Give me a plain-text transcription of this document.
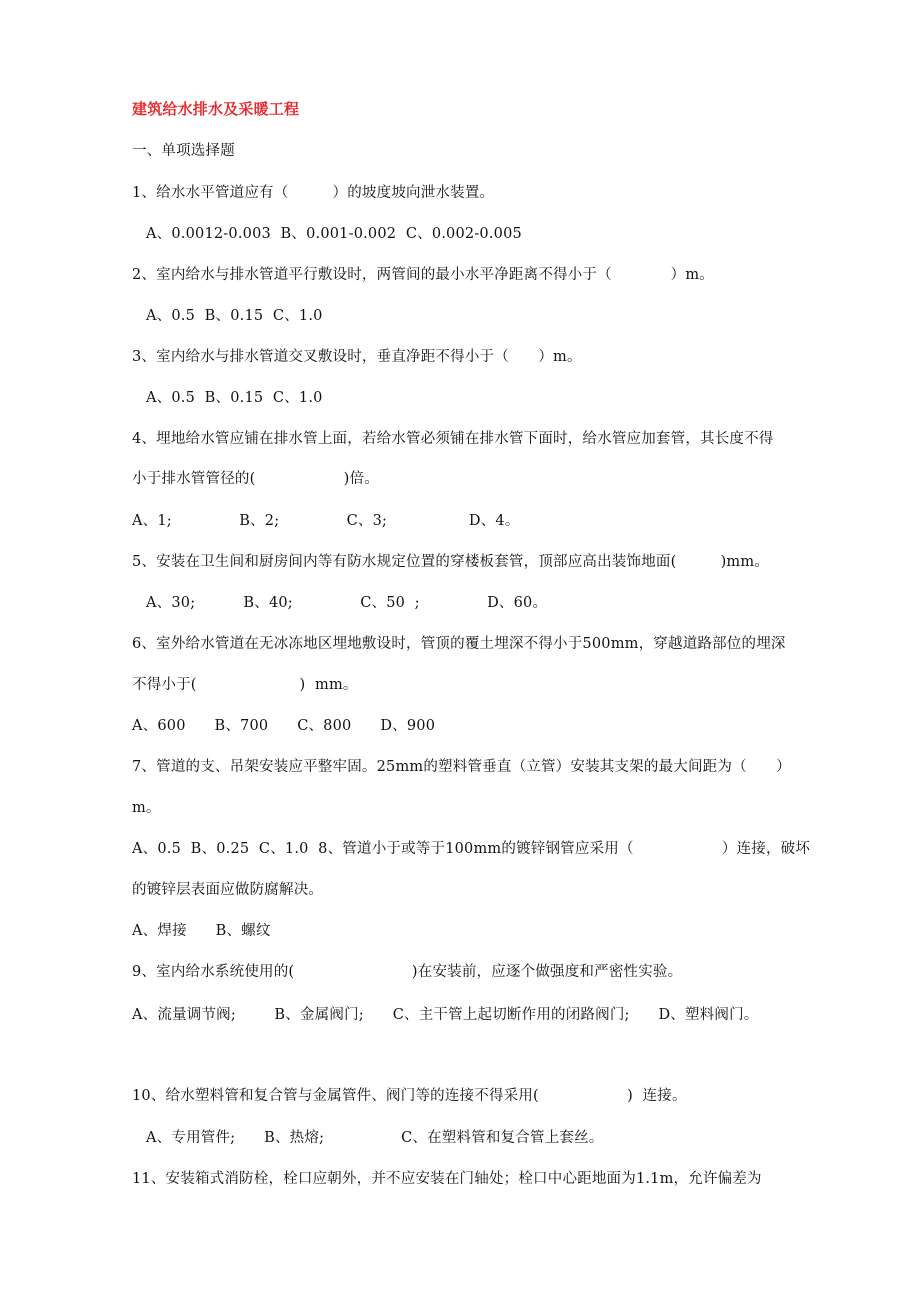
建筑给水排水及采暖工程
一、单项选择题
1、给水水平管道应有（　　　）的坡度坡向泄水装置。
A、0.0012-0.003  B、0.001-0.002  C、0.002-0.005
2、室内给水与排水管道平行敷设时，两管间的最小水平净距离不得小于（　　　　）m。
A、0.5  B、0.15  C、1.0
3、室内给水与排水管道交叉敷设时，垂直净距不得小于（　　）m。
A、0.5  B、0.15  C、1.0
4、埋地给水管应铺在排水管上面，若给水管必须铺在排水管下面时，给水管应加套管，其长度不得
小于排水管管径的(　　　　　　)倍。
A、1;              B、2;              C、3;                 D、4。
5、安装在卫生间和厨房间内等有防水规定位置的穿楼板套管，顶部应高出装饰地面(　　　)mm。
A、30;          B、40;              C、50  ;              D、60。
6、室外给水管道在无冰冻地区埋地敷设时，管顶的覆土埋深不得小于500mm，穿越道路部位的埋深
不得小于(　　　　　　　)  mm。
A、600      B、700      C、800      D、900
7、管道的支、吊架安装应平整牢固。25mm的塑料管垂直（立管）安装其支架的最大间距为（　　）
m。
A、0.5  B、0.25  C、1.0  8、管道小于或等于100mm的镀锌钢管应采用（　　　　　　）连接，破坏
的镀锌层表面应做防腐解决。
A、焊接      B、螺纹
9、室内给水系统使用的(　　　　　　　　)在安装前，应逐个做强度和严密性实验。
A、流量调节阀;        B、金属阀门;      C、主干管上起切断作用的闭路阀门;      D、塑料阀门。
10、给水塑料管和复合管与金属管件、阀门等的连接不得采用(　　　　　　)  连接。
A、专用管件;      B、热熔;                C、在塑料管和复合管上套丝。
11、安装箱式消防栓，栓口应朝外，并不应安装在门轴处；栓口中心距地面为1.1m，允许偏差为
